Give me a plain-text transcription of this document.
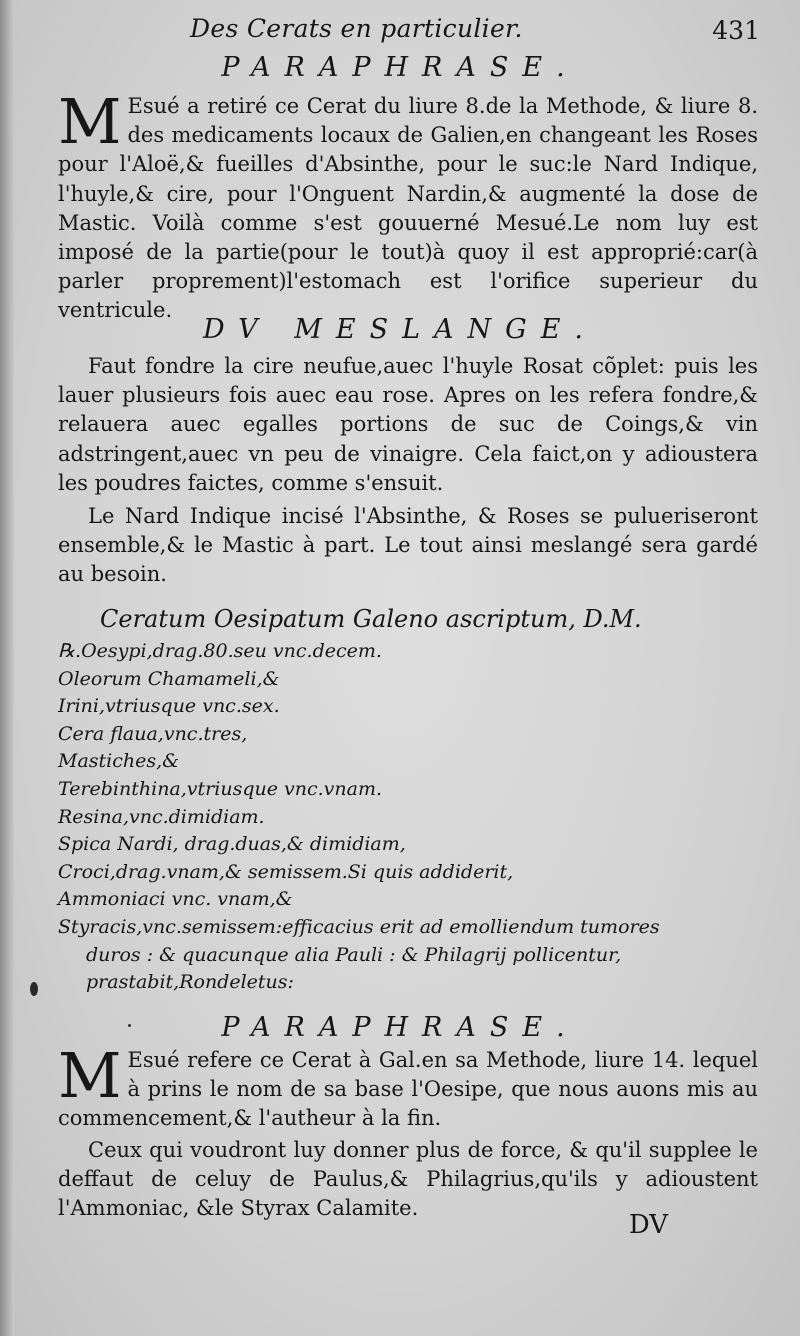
Des Cerats en particulier.	431
PARAPHRASE.

M Esué a retiré ce Cerat du liure 8.de la Methode, & liure 8. des medicaments locaux de Galien,en changeant les Roses pour l'Aloë,& fueilles d'Absinthe, pour le suc:le Nard Indique, l'huyle,& cire, pour l'Onguent Nardin,& augmenté la dose de Mastic. Voilà comme s'est gouuerné Mesué.Le nom luy est imposé de la partie(pour le tout)à quoy il est approprié:car(à parler proprement)l'estomach est l'orifice superieur du ventricule.

DV MESLANGE.

Faut fondre la cire neufue,auec l'huyle Rosat cõplet: puis les lauer plusieurs fois auec eau rose. Apres on les refera fondre,& relauera auec egalles portions de suc de Coings,& vin adstringent,auec vn peu de vinaigre. Cela faict,on y adioustera les poudres faictes, comme s'ensuit.

Le Nard Indique incisé l'Absinthe, & Roses se pulueriseront ensemble,& le Mastic à part. Le tout ainsi meslangé sera gardé au besoin.

Ceratum Oesipatum Galeno ascriptum, D.M.
℞.Oesypi,drag.80.seu vnc.decem.
Oleorum Chamameli,&
Irini,vtriusque vnc.sex.
Cera flaua,vnc.tres,
Mastiches,&
Terebinthina,vtriusque vnc.vnam.
Resina,vnc.dimidiam.
Spica Nardi, drag.duas,& dimidiam,
Croci,drag.vnam,& semissem.Si quis addiderit,
Ammoniaci vnc. vnam,&
Styracis,vnc.semissem:efficacius erit ad emolliendum tumores
duros : & quacunque alia Pauli : & Philagrij pollicentur,
prastabit,Rondeletus:
PARAPHRASE.

M Esué refere ce Cerat à Gal.en sa Methode, liure 14. lequel à prins le nom de sa base l'Oesipe, que nous auons mis au commencement,& l'autheur à la fin.

Ceux qui voudront luy donner plus de force, & qu'il supplee le deffaut de celuy de Paulus,& Philagrius,qu'ils y adioustent l'Ammoniac, &le Styrax Calamite.

DV
